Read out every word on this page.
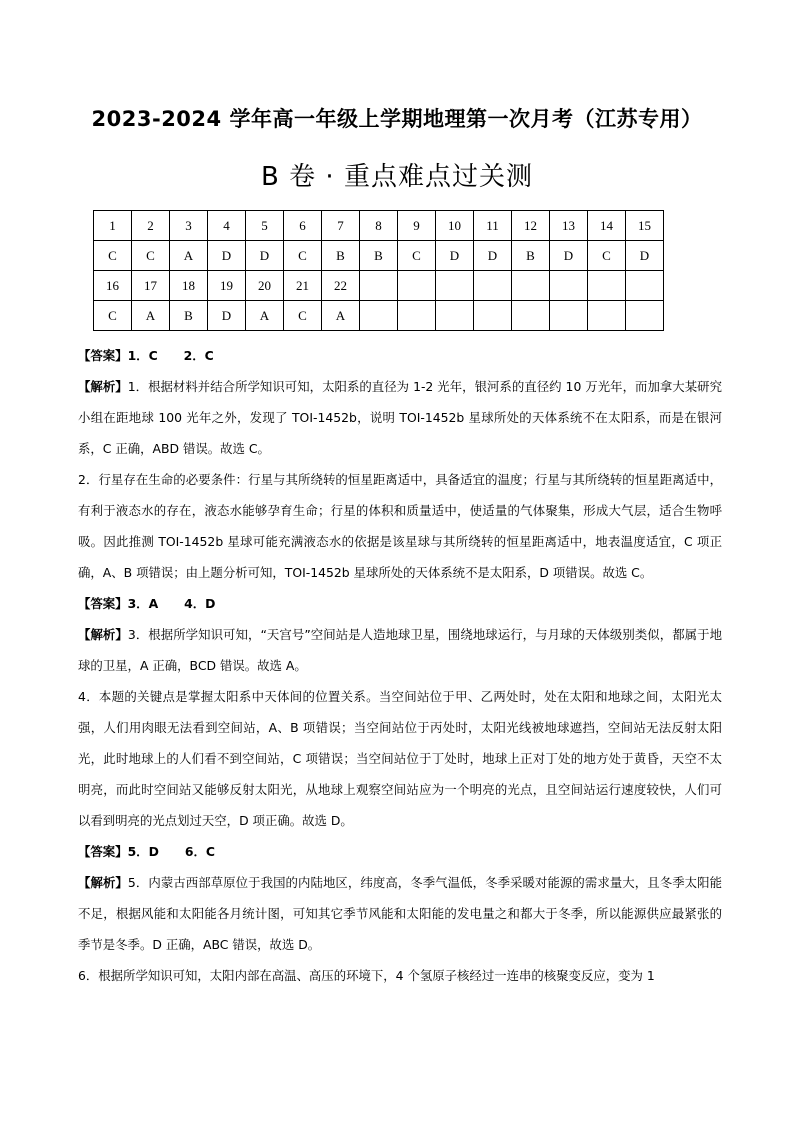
2023-2024 学年高一年级上学期地理第一次月考（江苏专用）
B 卷 · 重点难点过关测
1	2	3	4	5	6	7	8	9	10	11	12	13	14	15
C	C	A	D	D	C	B	B	C	D	D	B	D	C	D
16	17	18	19	20	21	22								
C	A	B	D	A	C	A								

【答案】1．C 2．C

【解析】1．根据材料并结合所学知识可知，太阳系的直径为 1-2 光年，银河系的直径约 10 万光年，而加拿大某研究小组在距地球 100 光年之外，发现了 TOI-1452b，说明 TOI-1452b 星球所处的天体系统不在太阳系，而是在银河系，C 正确，ABD 错误。故选 C。

2．行星存在生命的必要条件：行星与其所绕转的恒星距离适中，具备适宜的温度；行星与其所绕转的恒星距离适中，有利于液态水的存在，液态水能够孕育生命；行星的体积和质量适中，使适量的气体聚集，形成大气层，适合生物呼吸。因此推测 TOI-1452b 星球可能充满液态水的依据是该星球与其所绕转的恒星距离适中，地表温度适宜，C 项正确，A、B 项错误；由上题分析可知，TOI-1452b 星球所处的天体系统不是太阳系，D 项错误。故选 C。

【答案】3．A 4．D

【解析】3．根据所学知识可知，“天宫号”空间站是人造地球卫星，围绕地球运行，与月球的天体级别类似，都属于地球的卫星，A 正确，BCD 错误。故选 A。

4．本题的关键点是掌握太阳系中天体间的位置关系。当空间站位于甲、乙两处时，处在太阳和地球之间，太阳光太强，人们用肉眼无法看到空间站，A、B 项错误；当空间站位于丙处时，太阳光线被地球遮挡，空间站无法反射太阳光，此时地球上的人们看不到空间站，C 项错误；当空间站位于丁处时，地球上正对丁处的地方处于黄昏，天空不太明亮，而此时空间站又能够反射太阳光，从地球上观察空间站应为一个明亮的光点，且空间站运行速度较快，人们可以看到明亮的光点划过天空，D 项正确。故选 D。

【答案】5．D 6．C

【解析】5．内蒙古西部草原位于我国的内陆地区，纬度高，冬季气温低，冬季采暖对能源的需求量大，且冬季太阳能不足，根据风能和太阳能各月统计图，可知其它季节风能和太阳能的发电量之和都大于冬季，所以能源供应最紧张的季节是冬季。D 正确，ABC 错误，故选 D。

6．根据所学知识可知，太阳内部在高温、高压的环境下，4 个氢原子核经过一连串的核聚变反应，变为 1
